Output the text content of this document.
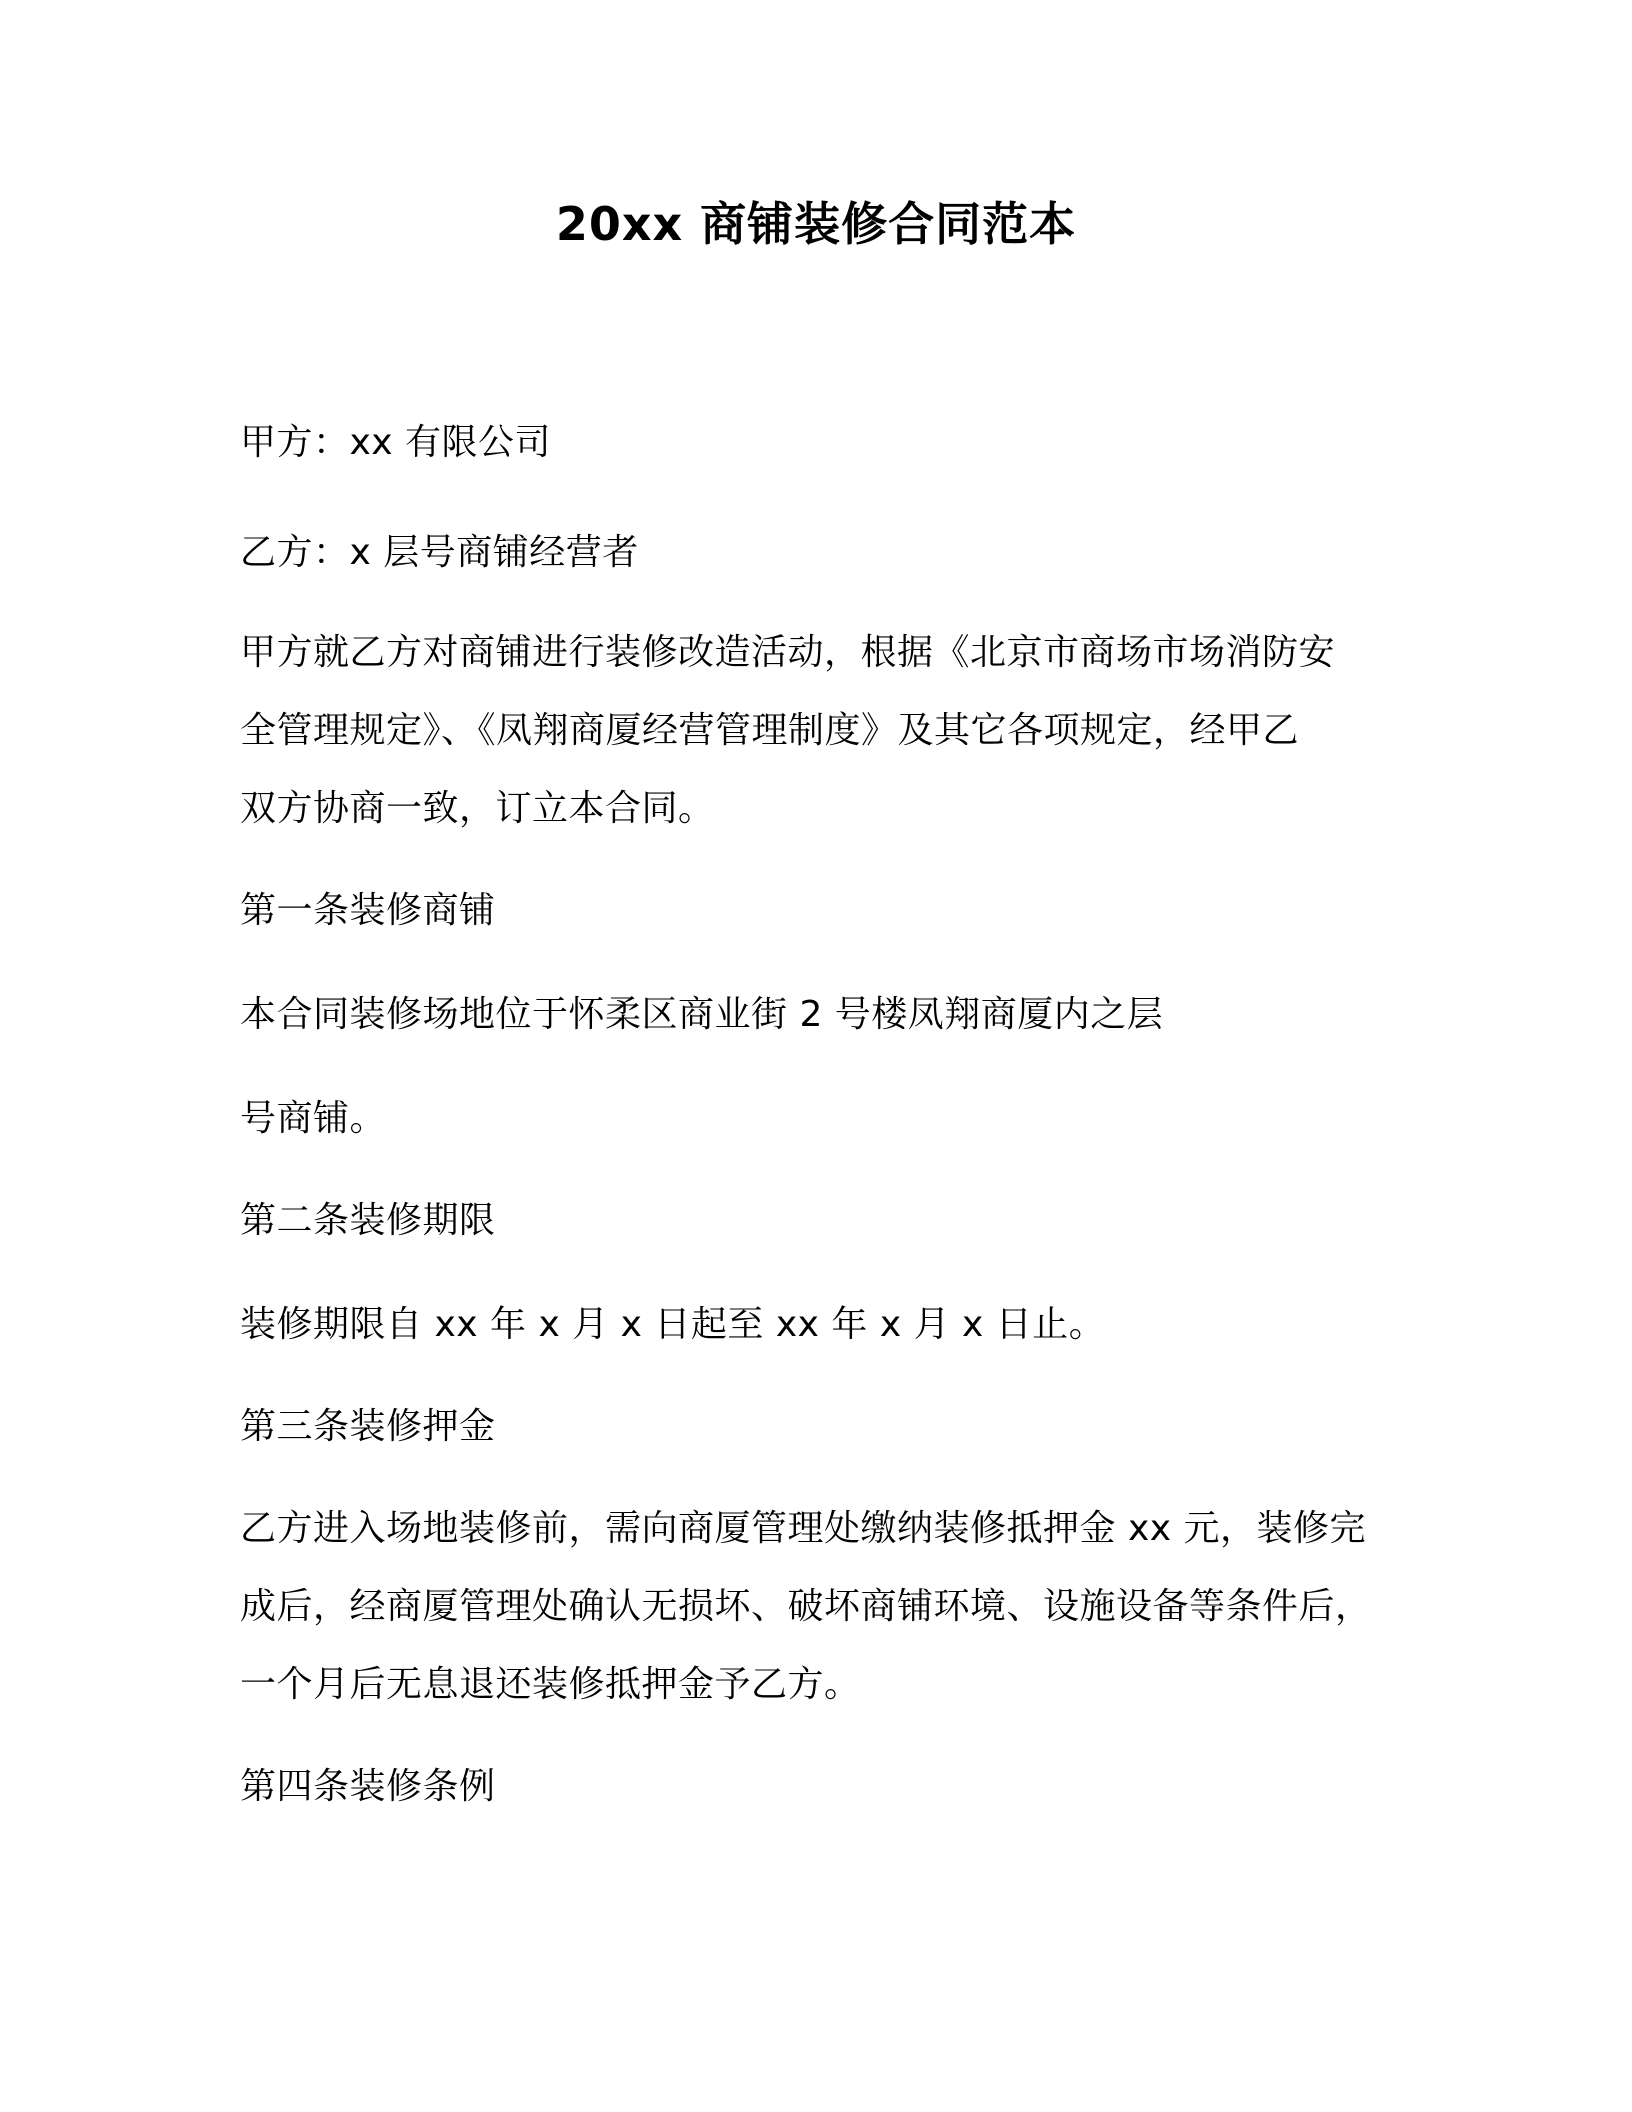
20xx 商铺装修合同范本

甲方：xx 有限公司

乙方：x 层号商铺经营者

甲方就乙方对商铺进行装修改造活动，根据《北京市商场市场消防安

全管理规定》、《凤翔商厦经营管理制度》及其它各项规定，经甲乙

双方协商一致，订立本合同。

第一条装修商铺

本合同装修场地位于怀柔区商业街 2 号楼凤翔商厦内之层

号商铺。

第二条装修期限

装修期限自 xx 年 x 月 x 日起至 xx 年 x 月 x 日止。

第三条装修押金

乙方进入场地装修前，需向商厦管理处缴纳装修抵押金 xx 元，装修完

成后，经商厦管理处确认无损坏、破坏商铺环境、设施设备等条件后，

一个月后无息退还装修抵押金予乙方。

第四条装修条例
